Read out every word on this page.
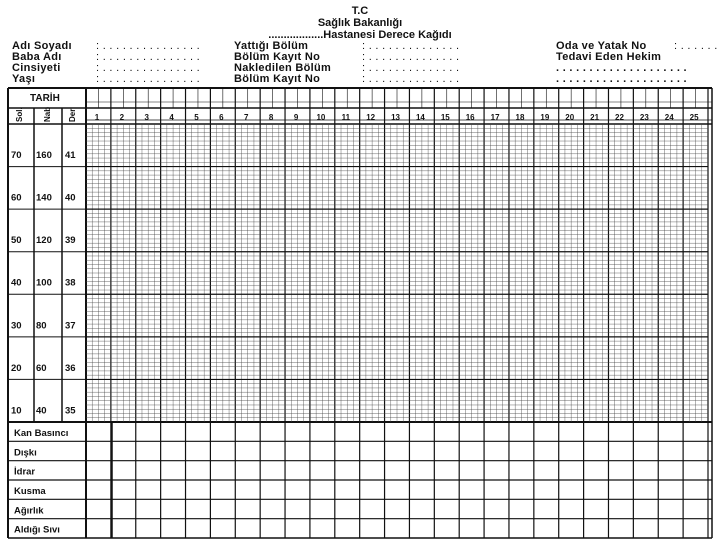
T.C
Sağlık Bakanlığı
..................Hastanesi Derece Kağıdı
Adı Soyadı : . . . . . . . . . . . . . . .
Baba Adı	: . . . . . . . . . . . . . . .
Cinsiyeti	: . . . . . . . . . . . . . . .
Yaşı	: . . . . . . . . . . . . . . .
Yattığı Bölüm	: . . . . . . . . . . . . . .
Bölüm Kayıt No	: . . . . . . . . . . . . . .
Nakledilen Bölüm	: . . . . . . . . . . . . . .
Bölüm Kayıt No	: . . . . . . . . . . . . . .
Oda ve Yatak No : . . . . . .
Tedavi Eden Hekim
. . . . . . . . . . . . . . . . . . . .
. . . . . . . . . . . . . . . . . . . .
TARİH
1	2	3	4	5	6	7	8	9 10 11 12 13 14 15 16 17 18 19 20 21 22 23 24 25
Sol. Nab Der
70 160 41
60 140 40
50 120 39
40 100 38
30 80 37
20 60 36
10 40 35
Kan Basıncı
Dışkı
İdrar
Kusma
Ağırlık
Aldığı Sıvı
